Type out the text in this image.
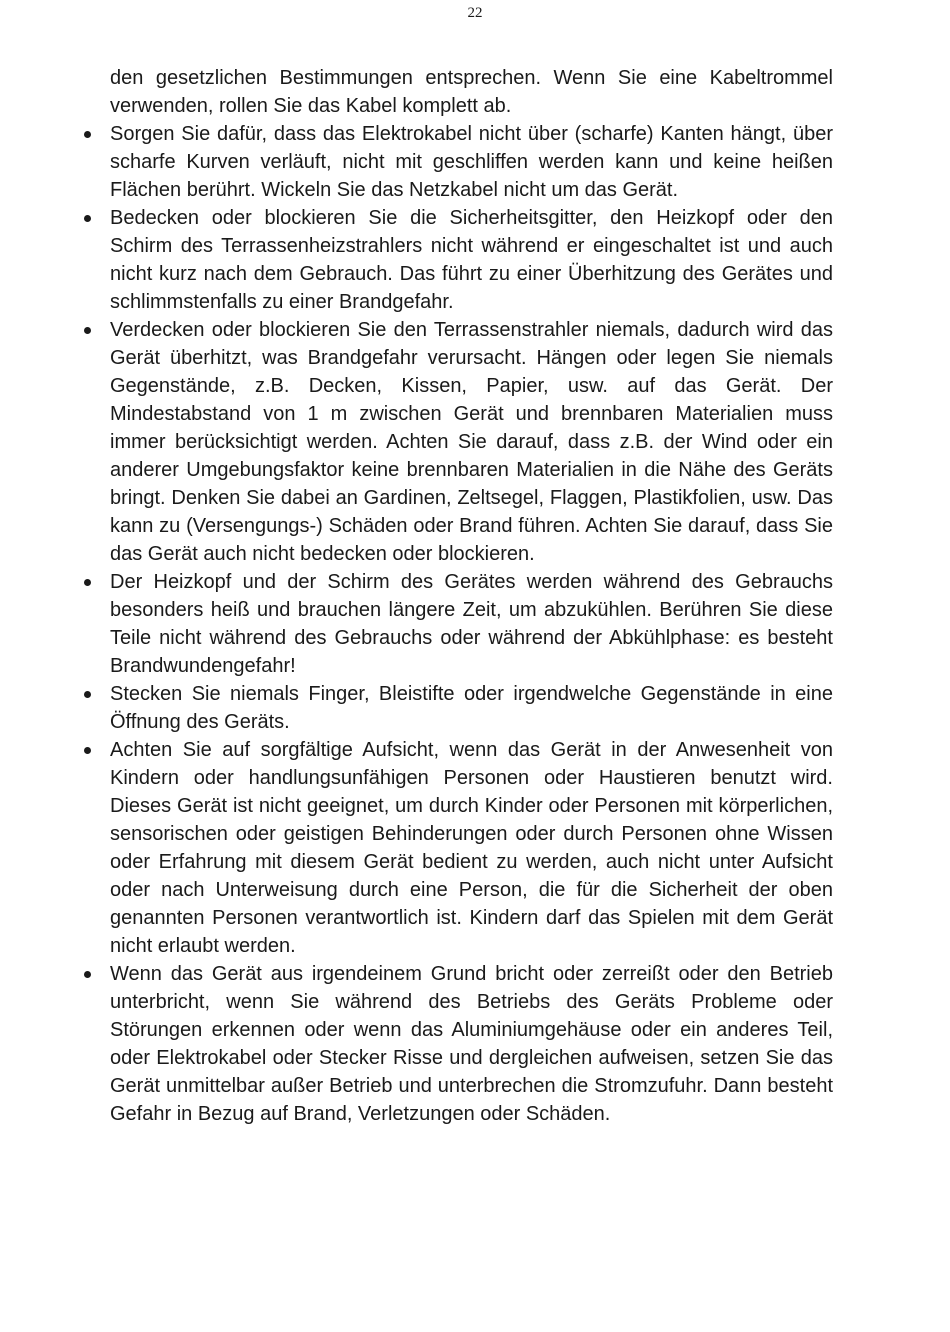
22

den gesetzlichen Bestimmungen entsprechen. Wenn Sie eine Kabeltrommel verwenden, rollen Sie das Kabel komplett ab.

Sorgen Sie dafür, dass das Elektrokabel nicht über (scharfe) Kanten hängt, über scharfe Kurven verläuft, nicht mit geschliffen werden kann und keine heißen Flächen berührt. Wickeln Sie das Netzkabel nicht um das Gerät.
Bedecken oder blockieren Sie die Sicherheitsgitter, den Heizkopf oder den Schirm des Terrassenheizstrahlers nicht während er eingeschaltet ist und auch nicht kurz nach dem Gebrauch. Das führt zu einer Überhitzung des Gerätes und schlimmstenfalls zu einer Brandgefahr.
Verdecken oder blockieren Sie den Terrassenstrahler niemals, dadurch wird das Gerät überhitzt, was Brandgefahr verursacht. Hängen oder legen Sie niemals Gegenstände, z.B. Decken, Kissen, Papier, usw. auf das Gerät. Der Mindestabstand von 1 m zwischen Gerät und brennbaren Materialien muss immer berücksichtigt werden. Achten Sie darauf, dass z.B. der Wind oder ein anderer Umgebungsfaktor keine brennbaren Materialien in die Nähe des Geräts bringt. Denken Sie dabei an Gardinen, Zeltsegel, Flaggen, Plastikfolien, usw. Das kann zu (Versengungs-) Schäden oder Brand führen. Achten Sie darauf, dass Sie das Gerät auch nicht bedecken oder blockieren.
Der Heizkopf und der Schirm des Gerätes werden während des Gebrauchs besonders heiß und brauchen längere Zeit, um abzukühlen. Berühren Sie diese Teile nicht während des Gebrauchs oder während der Abkühlphase: es besteht Brandwundengefahr!
Stecken Sie niemals Finger, Bleistifte oder irgendwelche Gegenstände in eine Öffnung des Geräts.
Achten Sie auf sorgfältige Aufsicht, wenn das Gerät in der Anwesenheit von Kindern oder handlungsunfähigen Personen oder Haustieren benutzt wird. Dieses Gerät ist nicht geeignet, um durch Kinder oder Personen mit körperlichen, sensorischen oder geistigen Behinderungen oder durch Personen ohne Wissen oder Erfahrung mit diesem Gerät bedient zu werden, auch nicht unter Aufsicht oder nach Unterweisung durch eine Person, die für die Sicherheit der oben genannten Personen verantwortlich ist. Kindern darf das Spielen mit dem Gerät nicht erlaubt werden.
Wenn das Gerät aus irgendeinem Grund bricht oder zerreißt oder den Betrieb unterbricht, wenn Sie während des Betriebs des Geräts Probleme oder Störungen erkennen oder wenn das Aluminiumgehäuse oder ein anderes Teil, oder Elektrokabel oder Stecker Risse und dergleichen aufweisen, setzen Sie das Gerät unmittelbar außer Betrieb und unterbrechen die Stromzufuhr. Dann besteht Gefahr in Bezug auf Brand, Verletzungen oder Schäden.
